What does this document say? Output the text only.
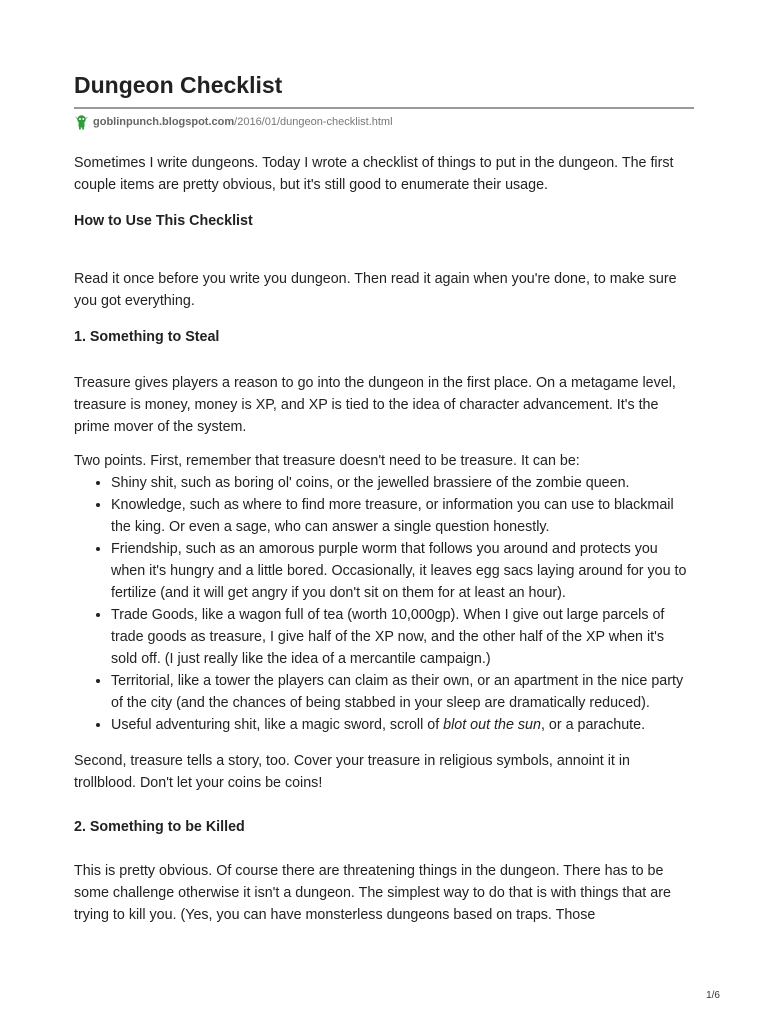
Dungeon Checklist
goblinpunch.blogspot.com /2016/01/dungeon-checklist.html

Sometimes I write dungeons. Today I wrote a checklist of things to put in the dungeon. The first couple items are pretty obvious, but it's still good to enumerate their usage.

How to Use This Checklist

Read it once before you write you dungeon. Then read it again when you're done, to make sure you got everything.

1. Something to Steal

Treasure gives players a reason to go into the dungeon in the first place. On a metagame level, treasure is money, money is XP, and XP is tied to the idea of character advancement. It's the prime mover of the system.

Two points. First, remember that treasure doesn't need to be treasure. It can be:

• Shiny shit, such as boring ol' coins, or the jewelled brassiere of the zombie queen.
• Knowledge, such as where to find more treasure, or information you can use to blackmail the king. Or even a sage, who can answer a single question honestly.
• Friendship, such as an amorous purple worm that follows you around and protects you when it's hungry and a little bored. Occasionally, it leaves egg sacs laying around for you to fertilize (and it will get angry if you don't sit on them for at least an hour).
• Trade Goods, like a wagon full of tea (worth 10,000gp). When I give out large parcels of trade goods as treasure, I give half of the XP now, and the other half of the XP when it's sold off. (I just really like the idea of a mercantile campaign.)
• Territorial, like a tower the players can claim as their own, or an apartment in the nice party of the city (and the chances of being stabbed in your sleep are dramatically reduced).
• Useful adventuring shit, like a magic sword, scroll of blot out the sun, or a parachute.

Second, treasure tells a story, too. Cover your treasure in religious symbols, annoint it in trollblood. Don't let your coins be coins!

2. Something to be Killed

This is pretty obvious. Of course there are threatening things in the dungeon. There has to be some challenge otherwise it isn't a dungeon. The simplest way to do that is with things that are trying to kill you. (Yes, you can have monsterless dungeons based on traps. Those

1/6
